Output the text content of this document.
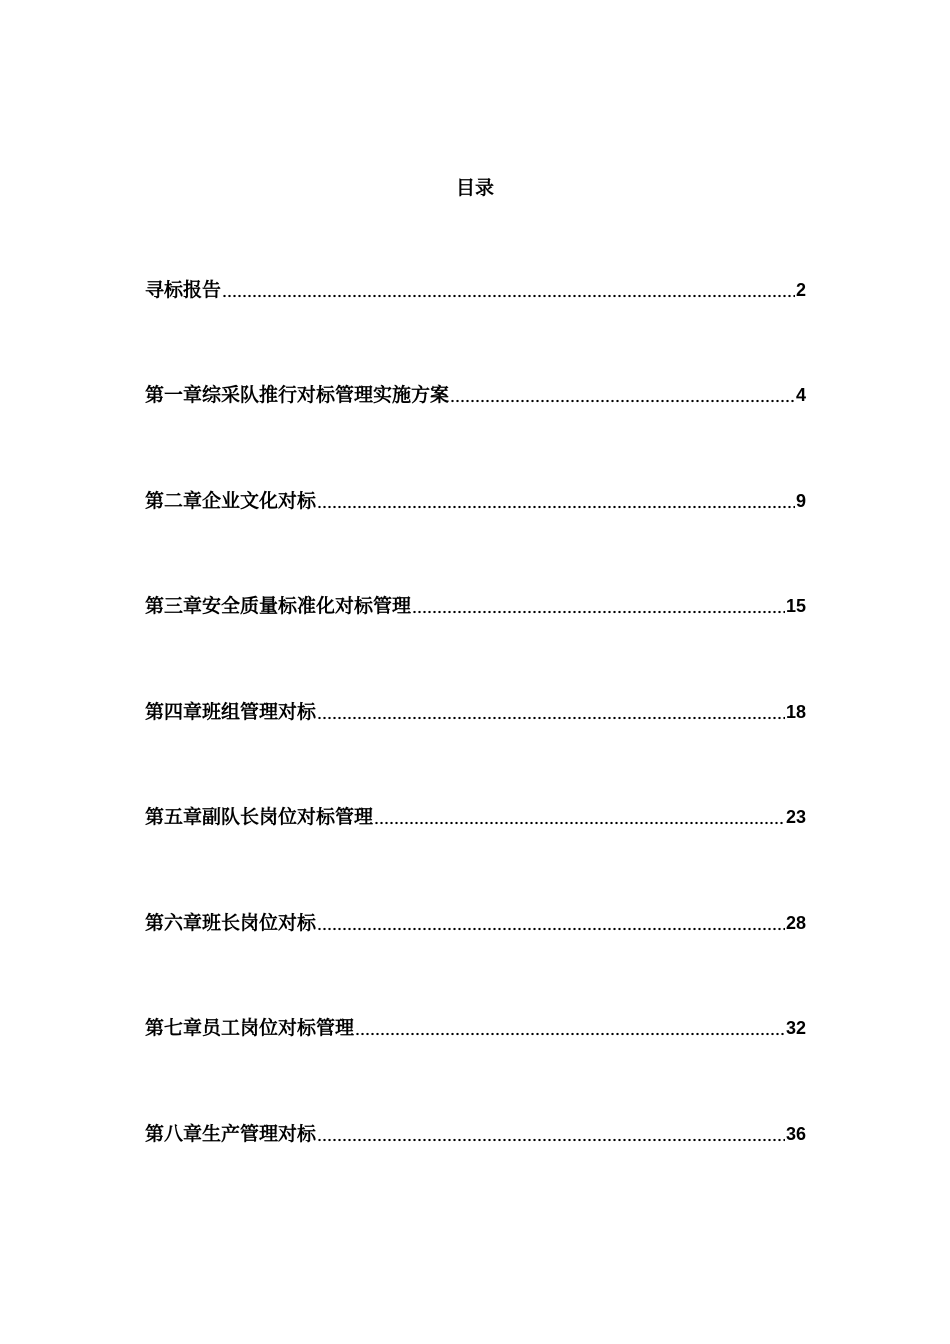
目录
寻标报告	2
第一章综采队推行对标管理实施方案	4
第二章企业文化对标	9
第三章安全质量标准化对标管理	15
第四章班组管理对标	18
第五章副队长岗位对标管理	23
第六章班长岗位对标	28
第七章员工岗位对标管理	32
第八章生产管理对标	36
